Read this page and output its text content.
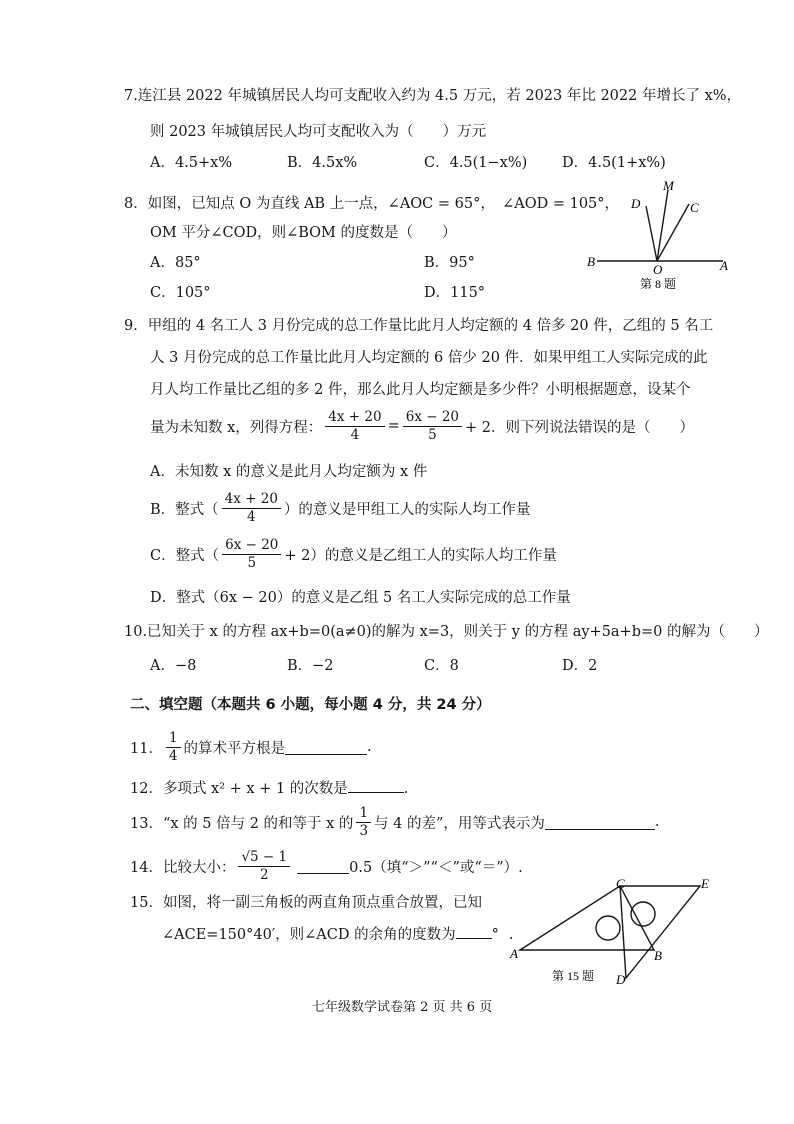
7.连江县 2022 年城镇居民人均可支配收入约为 4.5 万元，若 2023 年比 2022 年增长了 x%，
则 2023 年城镇居民人均可支配收入为（　　）万元
A．4.5+x%	B．4.5x%	C．4.5(1−x%) D．4.5(1+x%)
8．如图，已知点 O 为直线 AB 上一点，∠AOC = 65°，　∠AOD = 105°，
OM 平分∠COD，则∠BOM 的度数是（　　）
A．85°	B．95°
C．105°	D．115°
D
M
C
B
O	A
第 8 题
9．甲组的 4 名工人 3 月份完成的总工作量比此月人均定额的 4 倍多 20 件，乙组的 5 名工
人 3 月份完成的总工作量比此月人均定额的 6 倍少 20 件．如果甲组工人实际完成的此
月人均工作量比乙组的多 2 件，那么此月人均定额是多少件？小明根据题意，设某个
量为未知数 x，列得方程： $\frac{4x + 20}{4} = \frac{6x - 20}{5} + 2$．则下列说法错误的是（　　）
A．未知数 x 的意义是此月人均定额为 x 件
B．整式（ $\frac{4x + 20}{4}$ ）的意义是甲组工人的实际人均工作量
C．整式（ $\frac{6x - 20}{5} + 2$）的意义是乙组工人的实际人均工作量
D．整式（6x − 20）的意义是乙组 5 名工人实际完成的总工作量
10.已知关于 x 的方程 ax+b=0(a≠0)的解为 x=3，则关于 y 的方程 ay+5a+b=0 的解为（　　）
A．−8	B．−2	C．8	D．2
二、填空题（本题共 6 小题，每小题 4 分，共 24 分）
11． $\frac{1}{4}$ 的算术平方根是	.
12．多项式 x² + x + 1 的次数是	.
13．“x 的 5 倍与 2 的和等于 x 的 $\frac{1}{3}$ 与 4 的差”，用等式表示为	.
14．比较大小： $\frac{√5 - 1}{2}$	0.5（填“＞”“＜”或“＝”）.
15．如图，将一副三角板的两直角顶点重合放置，已知
∠ACE=150°40′，则∠ACD 的余角的度数为 ° .
C	E
A	B
D
第 15 题
七年级数学试卷第 2 页 共 6 页
